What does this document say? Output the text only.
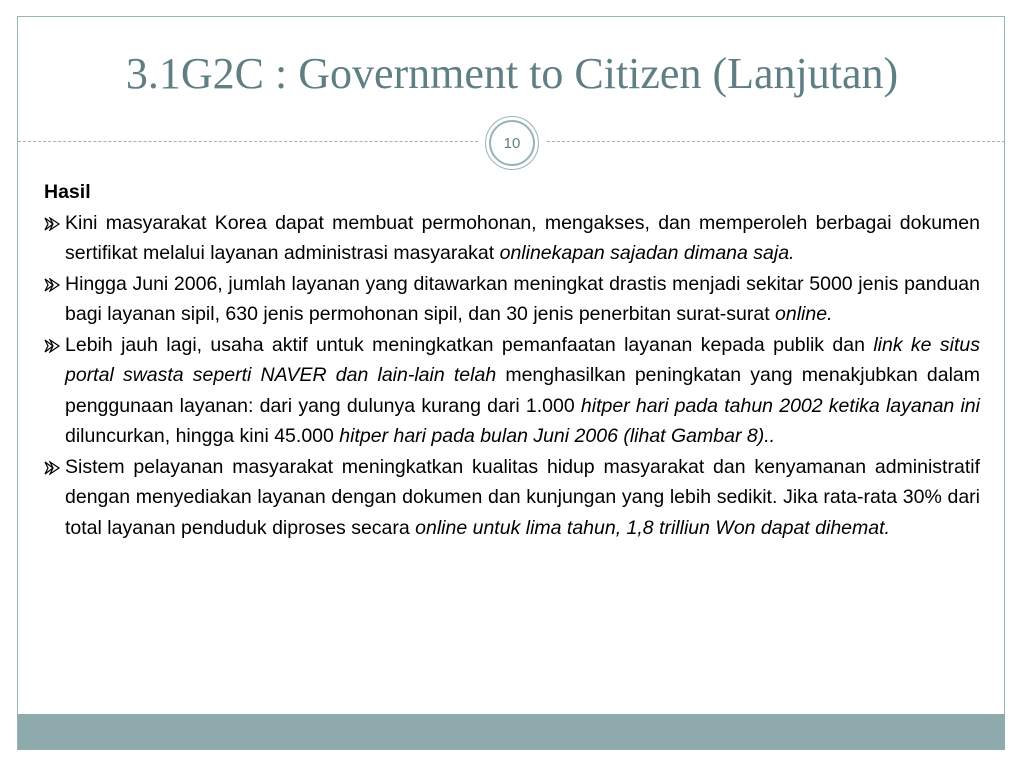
3.1G2C : Government to Citizen (Lanjutan)
10
Hasil
Kini masyarakat Korea dapat membuat permohonan, mengakses, dan memperoleh berbagai dokumen sertifikat melalui layanan administrasi masyarakat onlinekapan sajadan dimana saja.
Hingga Juni 2006, jumlah layanan yang ditawarkan meningkat drastis menjadi sekitar 5000 jenis panduan bagi layanan sipil, 630 jenis permohonan sipil, dan 30 jenis penerbitan surat-surat online.
Lebih jauh lagi, usaha aktif untuk meningkatkan pemanfaatan layanan kepada publik dan link ke situs portal swasta seperti NAVER dan lain-lain telah menghasilkan peningkatan yang menakjubkan dalam penggunaan layanan: dari yang dulunya kurang dari 1.000 hitper hari pada tahun 2002 ketika layanan ini diluncurkan, hingga kini 45.000 hitper hari pada bulan Juni 2006 (lihat Gambar 8)..
Sistem pelayanan masyarakat meningkatkan kualitas hidup masyarakat dan kenyamanan administratif dengan menyediakan layanan dengan dokumen dan kunjungan yang lebih sedikit. Jika rata-rata 30% dari total layanan penduduk diproses secara online untuk lima tahun, 1,8 trilliun Won dapat dihemat.
